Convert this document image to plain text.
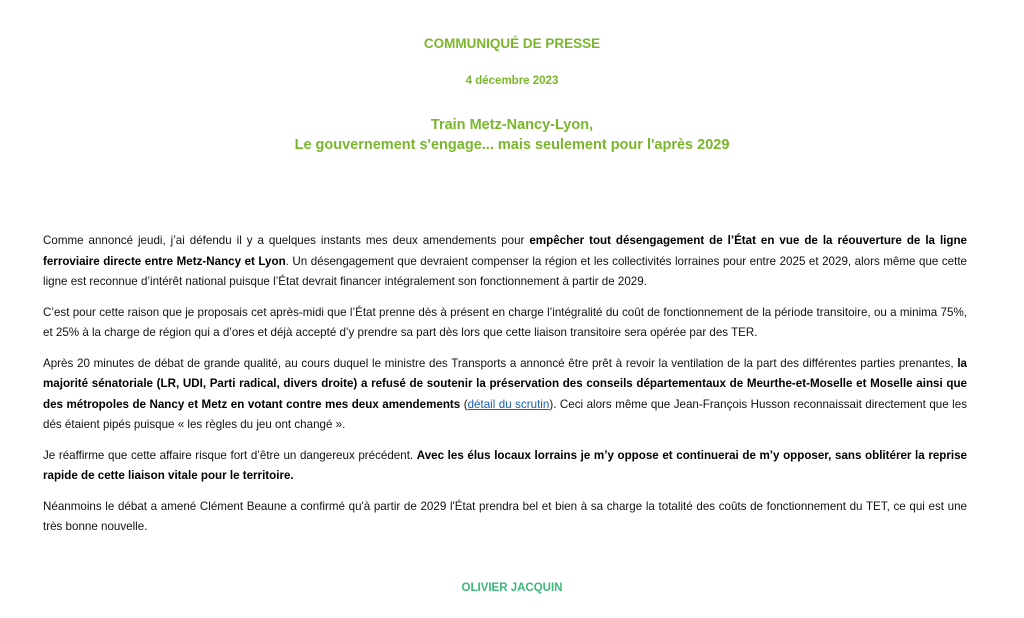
COMMUNIQUÉ DE PRESSE
4 décembre 2023
Train Metz-Nancy-Lyon,
Le gouvernement s'engage... mais seulement pour l'après 2029

Comme annoncé jeudi, j’ai défendu il y a quelques instants mes deux amendements pour empêcher tout désengagement de l’État en vue de la réouverture de la ligne ferroviaire directe entre Metz-Nancy et Lyon. Un désengagement que devraient compenser la région et les collectivités lorraines pour entre 2025 et 2029, alors même que cette ligne est reconnue d’intérêt national puisque l’État devrait financer intégralement son fonctionnement à partir de 2029.

C’est pour cette raison que je proposais cet après-midi que l’État prenne dès à présent en charge l’intégralité du coût de fonctionnement de la période transitoire, ou a minima 75%, et 25% à la charge de région qui a d’ores et déjà accepté d’y prendre sa part dès lors que cette liaison transitoire sera opérée par des TER.

Après 20 minutes de débat de grande qualité, au cours duquel le ministre des Transports a annoncé être prêt à revoir la ventilation de la part des différentes parties prenantes, la majorité sénatoriale (LR, UDI, Parti radical, divers droite) a refusé de soutenir la préservation des conseils départementaux de Meurthe-et-Moselle et Moselle ainsi que des métropoles de Nancy et Metz en votant contre mes deux amendements (détail du scrutin). Ceci alors même que Jean-François Husson reconnaissait directement que les dés étaient pipés puisque « les règles du jeu ont changé ».

Je réaffirme que cette affaire risque fort d’être un dangereux précédent. Avec les élus locaux lorrains je m’y oppose et continuerai de m’y opposer, sans oblitérer la reprise rapide de cette liaison vitale pour le territoire.

Néanmoins le débat a amené Clément Beaune a confirmé qu'à partir de 2029 l'État prendra bel et bien à sa charge la totalité des coûts de fonctionnement du TET, ce qui est une très bonne nouvelle.

OLIVIER JACQUIN
